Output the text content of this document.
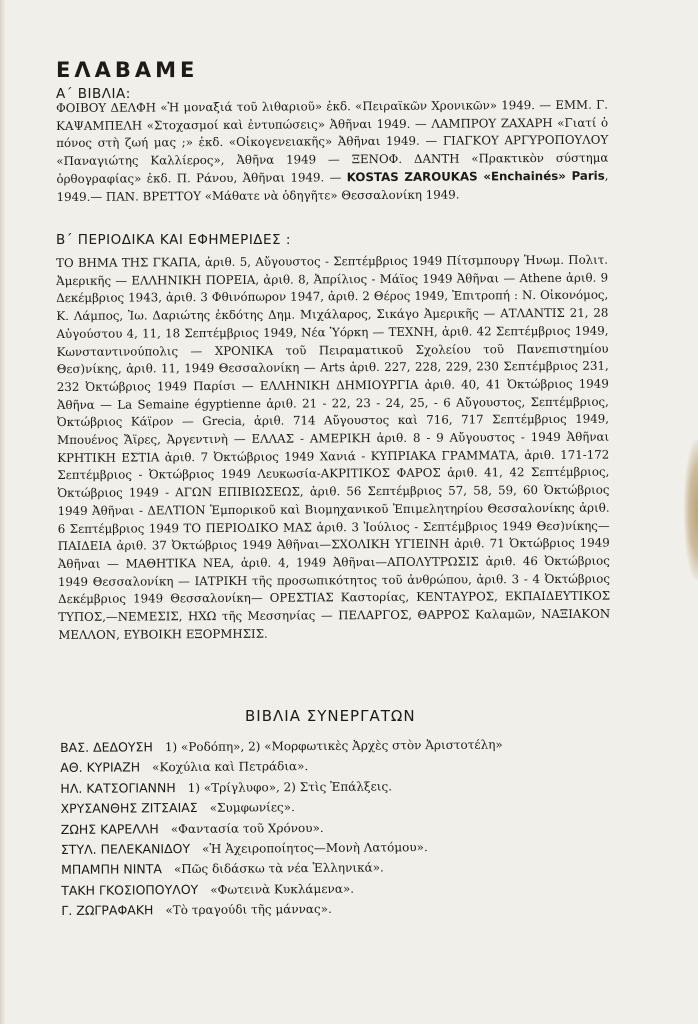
ΕΛΑΒΑΜΕ
Α΄ ΒΙΒΛΙΑ:
ΦΟΙΒΟΥ ΔΕΛΦΗ «Ἡ μοναξιά τοῦ λιθαριοῦ» ἐκδ. «Πειραϊκῶν Χρονικῶν» 1949. — ΕΜΜ. Γ. ΚΑΨΑΜΠΕΛΗ «Στοχασμοί καὶ ἐντυπώσεις» Ἀθῆναι 1949. — ΛΑΜΠΡΟΥ ΖΑΧΑΡΗ «Γιατί ὁ πόνος στὴ ζωή μας ;» ἐκδ. «Οἰκογενειακῆς» Ἀθῆναι 1949. — ΓΙΑΓΚΟΥ ΑΡΓΥΡΟΠΟΥΛΟΥ «Παναγιώτης Καλλίερος», Ἀθῆνα 1949 — ΞΕΝΟΦ. ΔΑΝΤΗ «Πρακτικὸν σύστημα ὀρθογραφίας» ἐκδ. Π. Ράνου, Ἀθῆναι 1949. — KOSTAS ZAROUKAS «Enchainés» Paris, 1949.— ΠΑΝ. ΒΡΕΤΤΟΥ «Μάθατε νὰ ὁδηγῆτε» Θεσσαλονίκη 1949.
Β΄ ΠΕΡΙΟΔΙΚΑ ΚΑΙ ΕΦΗΜΕΡΙΔΕΣ :
ΤΟ ΒΗΜΑ ΤΗΣ ΓΚΑΠΑ, ἀριθ. 5, Αὔγουστος - Σεπτέμβριος 1949 Πίτσμπουργ Ἡνωμ. Πολιτ. Ἀμερικῆς — ΕΛΛΗΝΙΚΗ ΠΟΡΕΙΑ, ἀριθ. 8, Ἀπρίλιος - Μάϊος 1949 Ἀθῆναι — Athene ἀριθ. 9 Δεκέμβριος 1943, ἀριθ. 3 Φθινόπωρον 1947, ἀριθ. 2 Θέρος 1949, Ἐπιτροπή : Ν. Οἰκονόμος, Κ. Λάμπος, Ἰω. Δαριώτης ἐκδότης Δημ. Μιχάλαρος, Σικάγο Ἀμερικῆς — ΑΤΛΑΝΤΙΣ 21, 28 Αὐγούστου 4, 11, 18 Σεπτέμβριος 1949, Νέα Ὑόρκη — ΤΕΧΝΗ, ἀριθ. 42 Σεπτέμβριος 1949, Κωνσταντινούπολις — ΧΡΟΝΙΚΑ τοῦ Πειραματικοῦ Σχολείου τοῦ Πανεπιστημίου Θεσ)νίκης, ἀριθ. 11, 1949 Θεσσαλονίκη — Arts ἀριθ. 227, 228, 229, 230 Σεπτέμβριος 231, 232 Ὀκτώβριος 1949 Παρίσι — ΕΛΛΗΝΙΚΗ ΔΗΜΙΟΥΡΓΙΑ ἀριθ. 40, 41 Ὀκτώβριος 1949 Ἀθῆνα — La Semaine égyptienne ἀριθ. 21 - 22, 23 - 24, 25, - 6 Αὔγουστος, Σεπτέμβριος, Ὀκτώβριος Κάϊρον — Grecia, ἀριθ. 714 Αὔγουστος καὶ 716, 717 Σεπτέμβριος 1949, Μπουένος Ἄϊρες, Ἀργεντινὴ — ΕΛΛΑΣ - ΑΜΕΡΙΚΗ ἀριθ. 8 - 9 Αὔγουστος - 1949 Ἀθῆναι ΚΡΗΤΙΚΗ ΕΣΤΙΑ ἀριθ. 7 Ὀκτώβριος 1949 Χανιά - ΚΥΠΡΙΑΚΑ ΓΡΑΜΜΑΤΑ, ἀριθ. 171-172 Σεπτέμβριος - Ὀκτώβριος 1949 Λευκωσία-ΑΚΡΙΤΙΚΟΣ ΦΑΡΟΣ ἀριθ. 41, 42 Σεπτέμβριος, Ὀκτώβριος 1949 - ΑΓΩΝ ΕΠΙΒΙΩΣΕΩΣ, ἀριθ. 56 Σεπτέμβριος 57, 58, 59, 60 Ὀκτώβριος 1949 Ἀθῆναι - ΔΕΛΤΙΟΝ Ἐμπορικοῦ καὶ Βιομηχανικοῦ Ἐπιμελητηρίου Θεσσαλονίκης ἀριθ. 6 Σεπτέμβριος 1949 ΤΟ ΠΕΡΙΟΔΙΚΟ ΜΑΣ ἀριθ. 3 Ἰούλιος - Σεπτέμβριος 1949 Θεσ)νίκης—ΠΑΙΔΕΙΑ ἀριθ. 37 Ὀκτώβριος 1949 Ἀθῆναι—ΣΧΟΛΙΚΗ ΥΓΙΕΙΝΗ ἀριθ. 71 Ὀκτώβριος 1949 Ἀθῆναι — ΜΑΘΗΤΙΚΑ ΝΕΑ, ἀριθ. 4, 1949 Ἀθῆναι—ΑΠΟΛΥΤΡΩΣΙΣ ἀριθ. 46 Ὀκτώβριος 1949 Θεσσαλονίκη — ΙΑΤΡΙΚΗ τῆς προσωπικότητος τοῦ ἀνθρώπου, ἀριθ. 3 - 4 Ὀκτώβριος Δεκέμβριος 1949 Θεσσαλονίκη— ΟΡΕΣΤΙΑΣ Καστορίας, ΚΕΝΤΑΥΡΟΣ, ΕΚΠΑΙΔΕΥΤΙΚΟΣ ΤΥΠΟΣ,—ΝΕΜΕΣΙΣ, ΗΧΩ τῆς Μεσσηνίας — ΠΕΛΑΡΓΟΣ, ΘΑΡΡΟΣ Καλαμῶν, ΝΑΞΙΑΚΟΝ ΜΕΛΛΟΝ, ΕΥΒΟΙΚΗ ΕΞΟΡΜΗΣΙΣ.
ΒΙΒΛΙΑ ΣΥΝΕΡΓΑΤΩΝ
ΒΑΣ. ΔΕΔΟΥΣΗ 1) «Ροδόπη», 2) «Μορφωτικὲς Ἀρχὲς στὸν Ἀριστοτέλη»
ΑΘ. ΚΥΡΙΑΖΗ «Κοχύλια καὶ Πετράδια».
ΗΛ. ΚΑΤΣΟΓΙΑΝΝΗ 1) «Τρίγλυφο», 2) Στὶς Ἐπάλξεις.
ΧΡΥΣΑΝΘΗΣ ΖΙΤΣΑΙΑΣ «Συμφωνίες».
ΖΩΗΣ ΚΑΡΕΛΛΗ «Φαντασία τοῦ Χρόνου».
ΣΤΥΛ. ΠΕΛΕΚΑΝΙΔΟΥ «Ἡ Ἀχειροποίητος—Μονὴ Λατόμου».
ΜΠΑΜΠΗ ΝΙΝΤΑ «Πῶς διδάσκω τὰ νέα Ἑλληνικά».
ΤΑΚΗ ΓΚΟΣΙΟΠΟΥΛΟΥ «Φωτεινὰ Κυκλάμενα».
Γ. ΖΩΓΡΑΦΑΚΗ «Τὸ τραγούδι τῆς μάννας».
